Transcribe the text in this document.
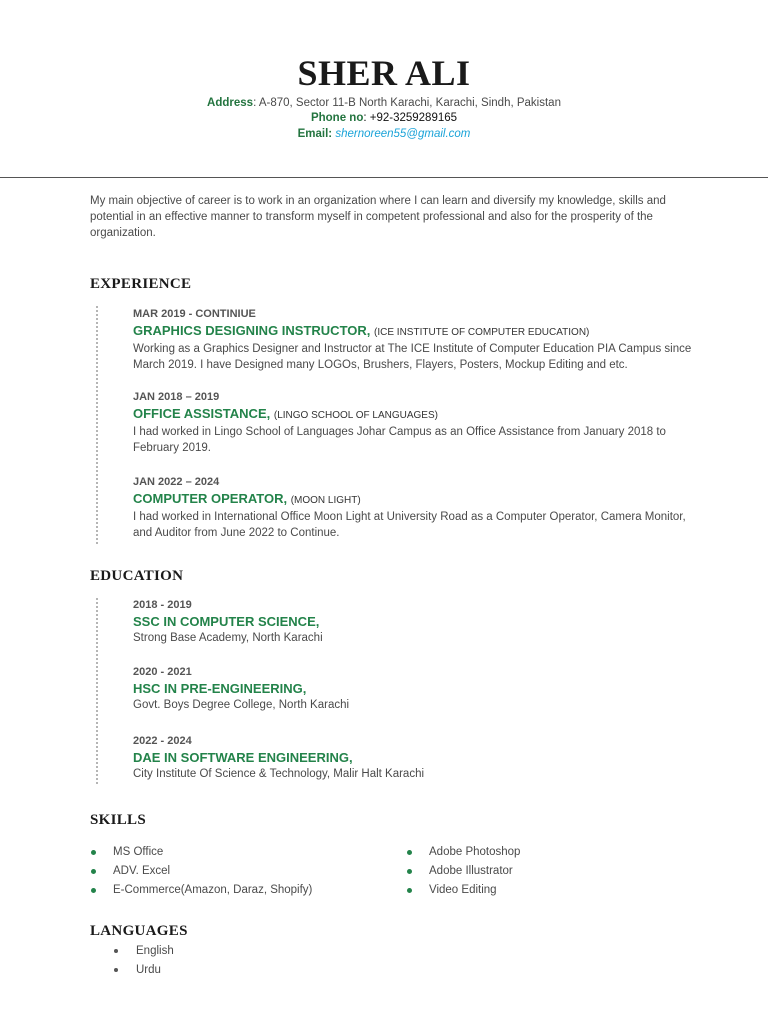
SHER ALI
Address: A-870, Sector 11-B North Karachi, Karachi, Sindh, Pakistan
Phone no: +92-3259289165
Email: shernoreen55@gmail.com
My main objective of career is to work in an organization where I can learn and diversify my knowledge, skills and potential in an effective manner to transform myself in competent professional and also for the prosperity of the organization.
EXPERIENCE
MAR 2019 - CONTINIUE
GRAPHICS DESIGNING INSTRUCTOR, (ICE INSTITUTE OF COMPUTER EDUCATION)
Working as a Graphics Designer and Instructor at The ICE Institute of Computer Education PIA Campus since March 2019. I have Designed many LOGOs, Brushers, Flayers, Posters, Mockup Editing and etc.
JAN 2018 – 2019
OFFICE ASSISTANCE, (LINGO SCHOOL OF LANGUAGES)
I had worked in Lingo School of Languages Johar Campus as an Office Assistance from January 2018 to February 2019.
JAN 2022 – 2024
COMPUTER OPERATOR, (MOON LIGHT)
I had worked in International Office Moon Light at University Road as a Computer Operator, Camera Monitor, and Auditor from June 2022 to Continue.
EDUCATION
2018 - 2019
SSC IN COMPUTER SCIENCE,
Strong Base Academy, North Karachi
2020 - 2021
HSC IN PRE-ENGINEERING,
Govt. Boys Degree College, North Karachi
2022 - 2024
DAE IN SOFTWARE ENGINEERING,
City Institute Of Science & Technology, Malir Halt Karachi
SKILLS
MS Office
ADV. Excel
E-Commerce(Amazon, Daraz, Shopify)
Adobe Photoshop
Adobe Illustrator
Video Editing
LANGUAGES
English
Urdu
